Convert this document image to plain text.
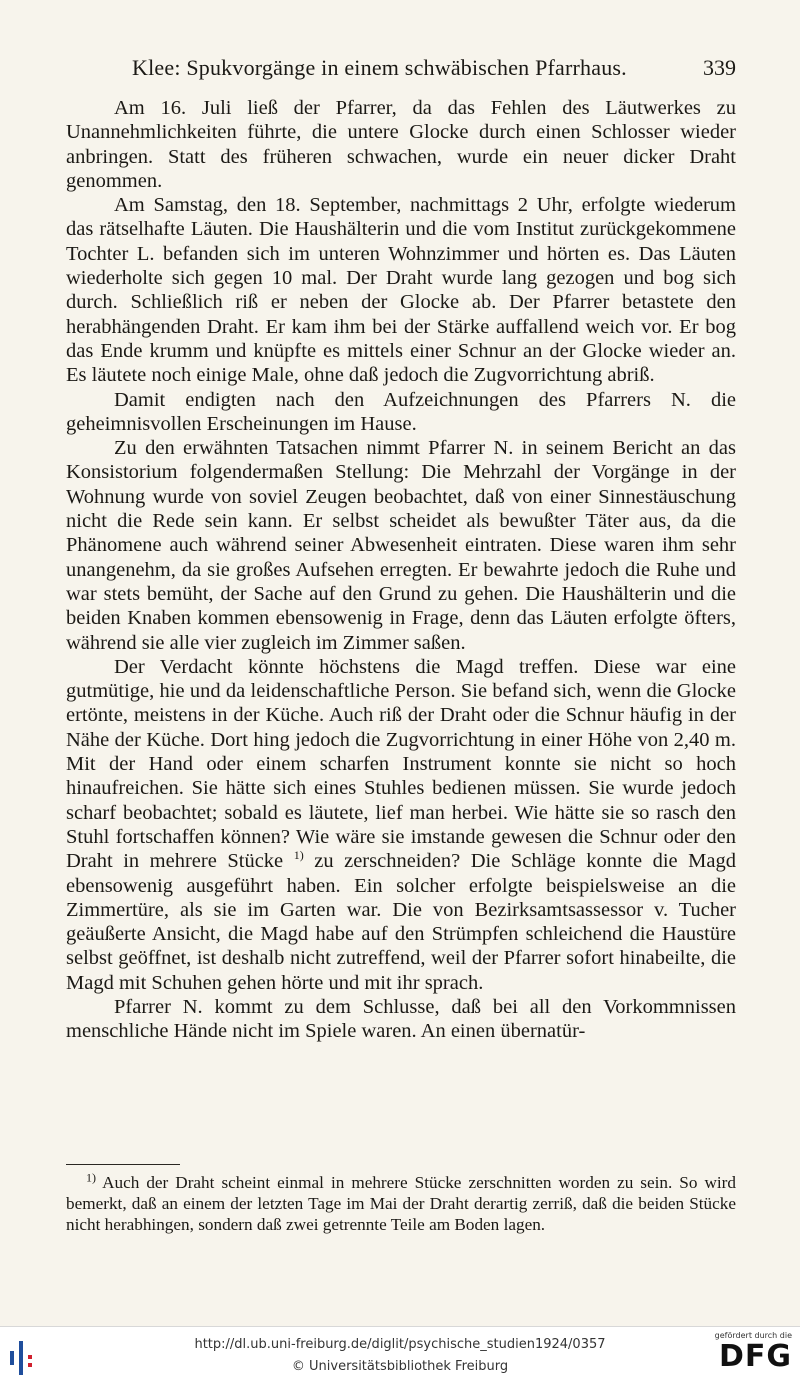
Klee: Spukvorgänge in einem schwäbischen Pfarrhaus.	339

Am 16. Juli ließ der Pfarrer, da das Fehlen des Läutwerkes zu Unannehmlichkeiten führte, die untere Glocke durch einen Schlosser wieder anbringen. Statt des früheren schwachen, wurde ein neuer dicker Draht genommen.

Am Samstag, den 18. September, nachmittags 2 Uhr, erfolgte wiederum das rätselhafte Läuten. Die Haushälterin und die vom Institut zurückgekommene Tochter L. befanden sich im unteren Wohnzimmer und hörten es. Das Läuten wiederholte sich gegen 10 mal. Der Draht wurde lang gezogen und bog sich durch. Schließlich riß er neben der Glocke ab. Der Pfarrer betastete den herabhängenden Draht. Er kam ihm bei der Stärke auffallend weich vor. Er bog das Ende krumm und knüpfte es mittels einer Schnur an der Glocke wieder an. Es läutete noch einige Male, ohne daß jedoch die Zugvorrichtung abriß.

Damit endigten nach den Aufzeichnungen des Pfarrers N. die geheimnisvollen Erscheinungen im Hause.

Zu den erwähnten Tatsachen nimmt Pfarrer N. in seinem Bericht an das Konsistorium folgendermaßen Stellung: Die Mehrzahl der Vorgänge in der Wohnung wurde von soviel Zeugen beobachtet, daß von einer Sinnestäuschung nicht die Rede sein kann. Er selbst scheidet als bewußter Täter aus, da die Phänomene auch während seiner Abwesenheit eintraten. Diese waren ihm sehr unangenehm, da sie großes Aufsehen erregten. Er bewahrte jedoch die Ruhe und war stets bemüht, der Sache auf den Grund zu gehen. Die Haushälterin und die beiden Knaben kommen ebensowenig in Frage, denn das Läuten erfolgte öfters, während sie alle vier zugleich im Zimmer saßen.

Der Verdacht könnte höchstens die Magd treffen. Diese war eine gutmütige, hie und da leidenschaftliche Person. Sie befand sich, wenn die Glocke ertönte, meistens in der Küche. Auch riß der Draht oder die Schnur häufig in der Nähe der Küche. Dort hing jedoch die Zugvorrichtung in einer Höhe von 2,40 m. Mit der Hand oder einem scharfen Instrument konnte sie nicht so hoch hinaufreichen. Sie hätte sich eines Stuhles bedienen müssen. Sie wurde jedoch scharf beobachtet; sobald es läutete, lief man herbei. Wie hätte sie so rasch den Stuhl fortschaffen können? Wie wäre sie imstande gewesen die Schnur oder den Draht in mehrere Stücke $^{1)}$ zu zerschneiden? Die Schläge konnte die Magd ebensowenig ausgeführt haben. Ein solcher erfolgte beispielsweise an die Zimmertüre, als sie im Garten war. Die von Bezirksamtsassessor v. Tucher geäußerte Ansicht, die Magd habe auf den Strümpfen schleichend die Haustüre selbst geöffnet, ist deshalb nicht zutreffend, weil der Pfarrer sofort hinabeilte, die Magd mit Schuhen gehen hörte und mit ihr sprach.

Pfarrer N. kommt zu dem Schlusse, daß bei all den Vorkommnissen menschliche Hände nicht im Spiele waren. An einen übernatür-

$^{1)}$ Auch der Draht scheint einmal in mehrere Stücke zerschnitten worden zu sein. So wird bemerkt, daß an einem der letzten Tage im Mai der Draht derartig zerriß, daß die beiden Stücke nicht herabhingen, sondern daß zwei getrennte Teile am Boden lagen.

http://dl.ub.uni-freiburg.de/diglit/psychische_studien1924/0357
© Universitätsbibliothek Freiburg
gefördert durch die
DFG
